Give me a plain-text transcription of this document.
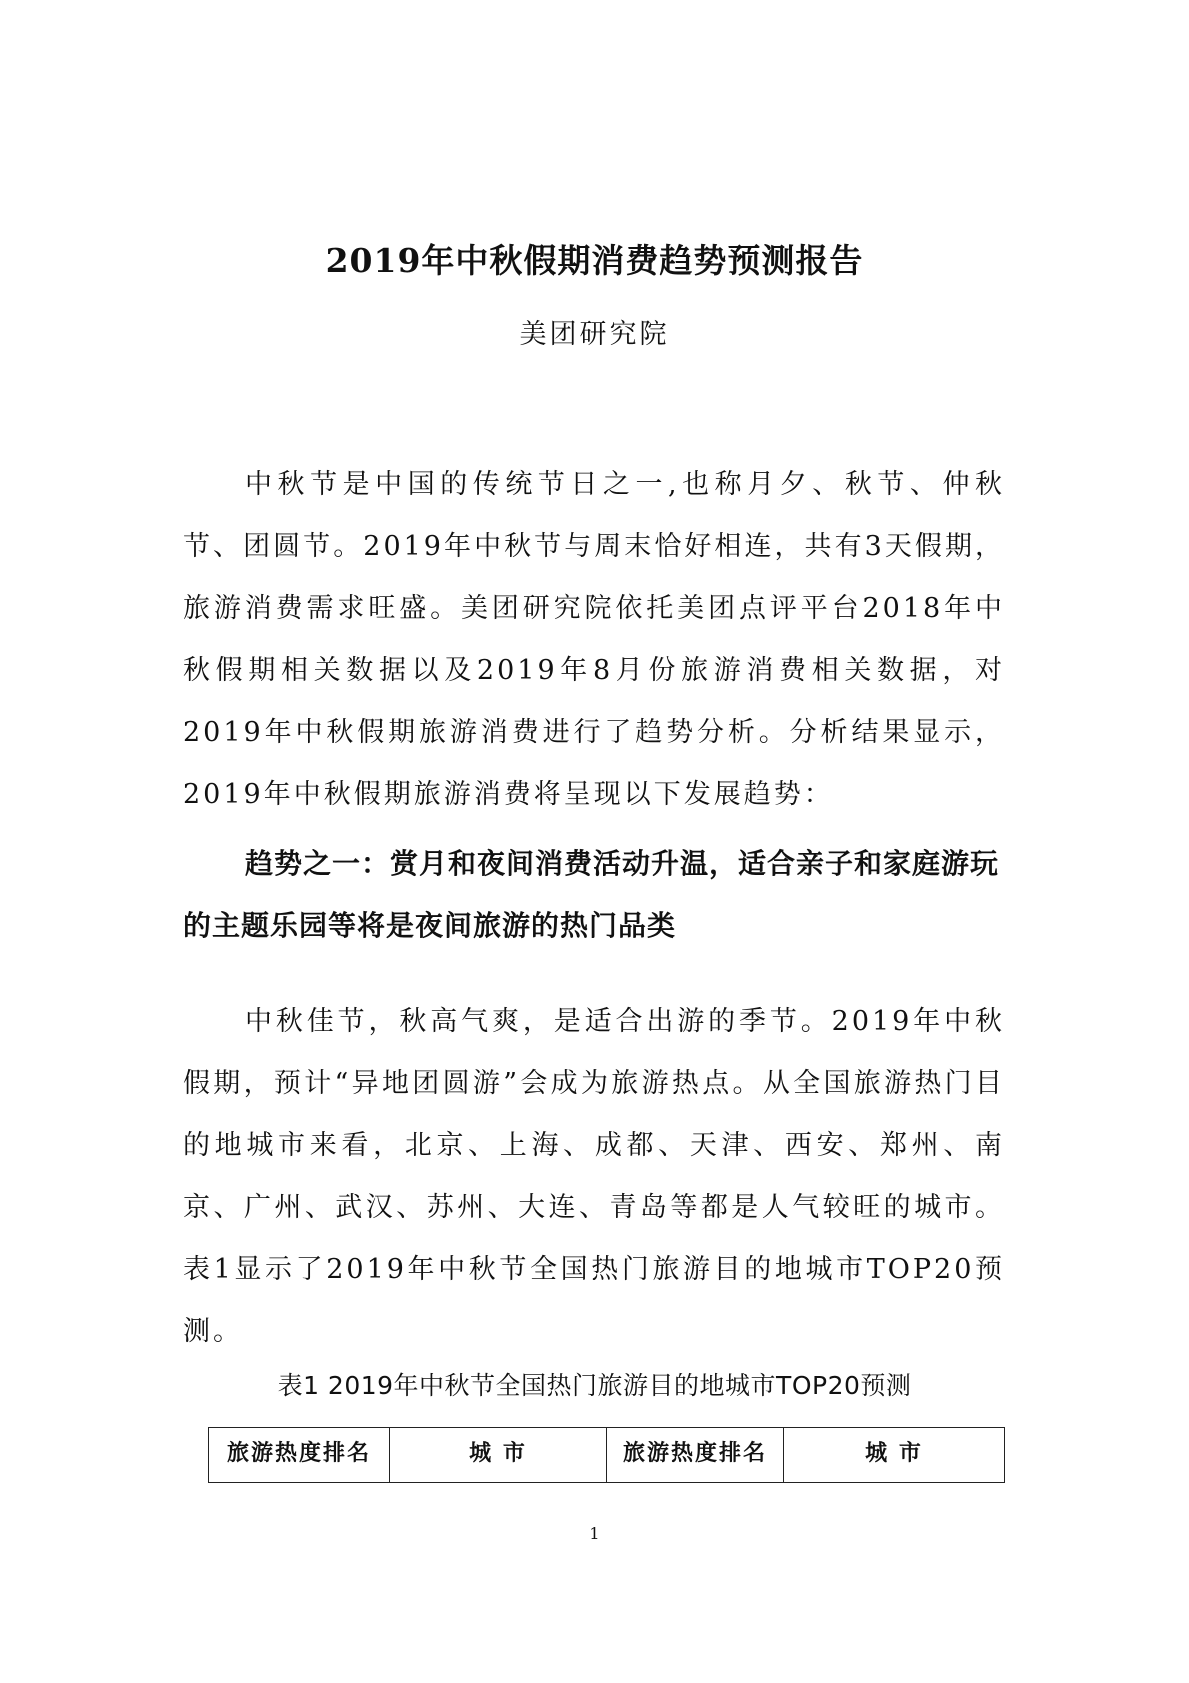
2019年中秋假期消费趋势预测报告

美团研究院

中秋节是中国的传统节日之一,也称月夕、秋节、仲秋节、团圆节。2019年中秋节与周末恰好相连，共有3天假期，旅游消费需求旺盛。美团研究院依托美团点评平台2018年中秋假期相关数据以及2019年8月份旅游消费相关数据，对2019年中秋假期旅游消费进行了趋势分析。分析结果显示，2019年中秋假期旅游消费将呈现以下发展趋势：

趋势之一：赏月和夜间消费活动升温，适合亲子和家庭游玩的主题乐园等将是夜间旅游的热门品类

中秋佳节，秋高气爽，是适合出游的季节。2019年中秋假期，预计“异地团圆游”会成为旅游热点。从全国旅游热门目的地城市来看，北京、上海、成都、天津、西安、郑州、南京、广州、武汉、苏州、大连、青岛等都是人气较旺的城市。表1显示了2019年中秋节全国热门旅游目的地城市TOP20预测。

表1 2019年中秋节全国热门旅游目的地城市TOP20预测

旅游热度排名	城 市	旅游热度排名	城 市

1
